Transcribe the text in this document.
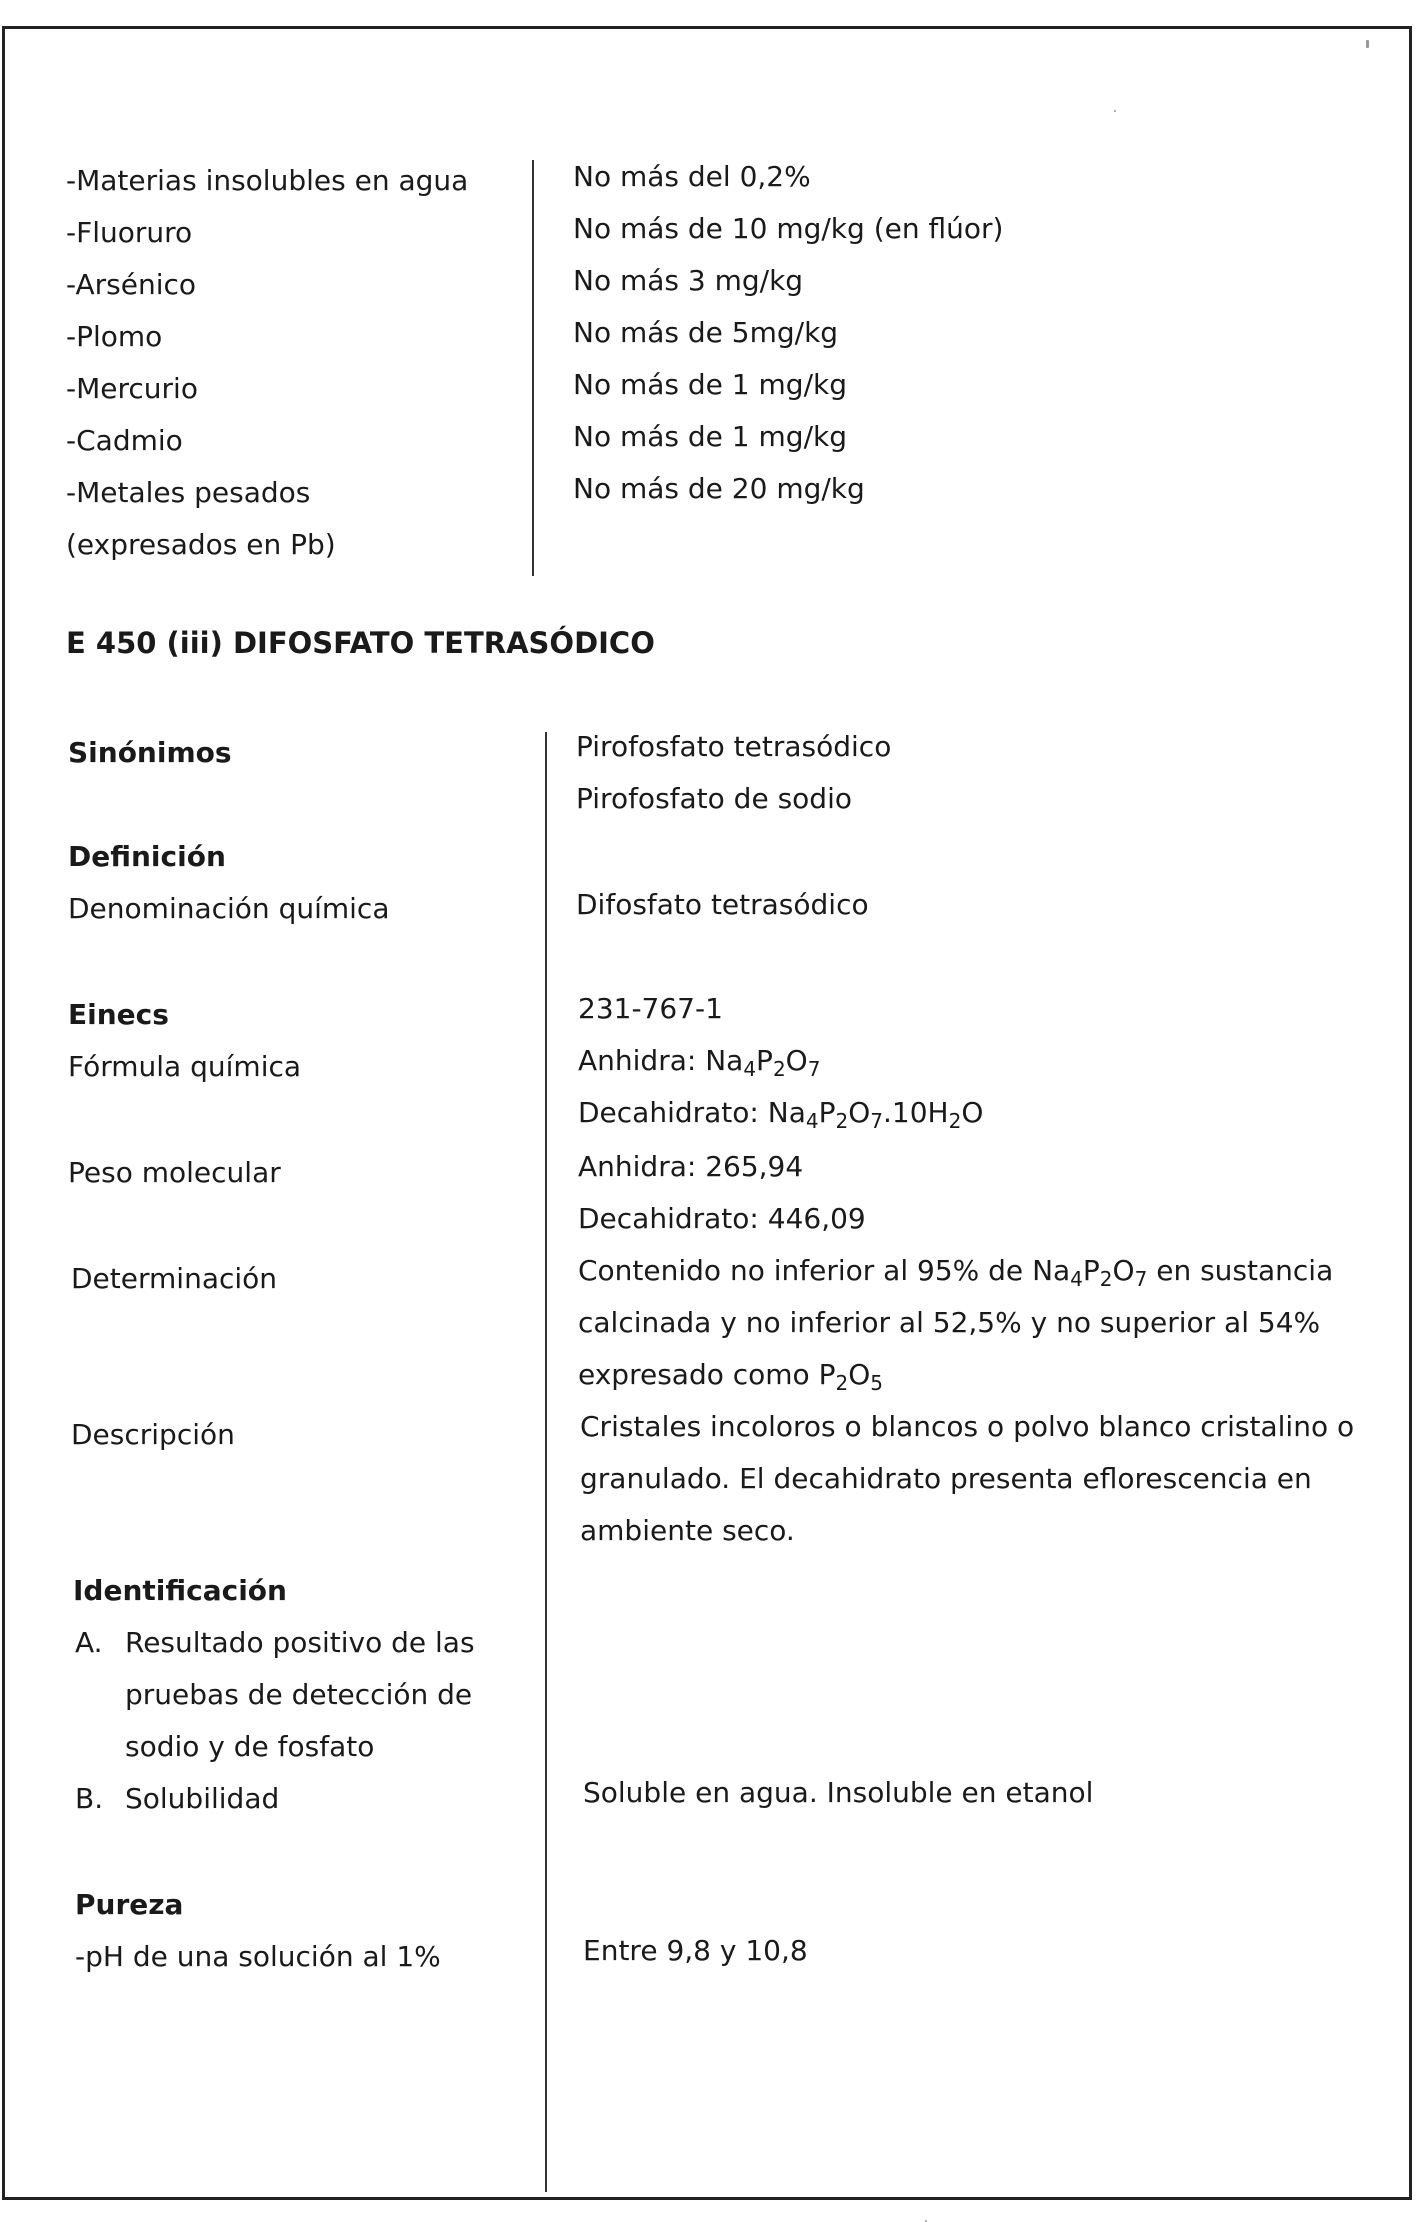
-Materias insolubles en agua
-Fluoruro
-Arsénico
-Plomo
-Mercurio
-Cadmio
-Metales pesados
(expresados en Pb)
No más del 0,2%
No más de 10 mg/kg (en flúor)
No más 3 mg/kg
No más de 5mg/kg
No más de 1 mg/kg
No más de 1 mg/kg
No más de 20 mg/kg
E 450 (iii) DIFOSFATO TETRASÓDICO
Sinónimos
Definición
Denominación química
Einecs
Fórmula química
Peso molecular
Determinación
Descripción
Identificación
A. Resultado positivo de las
pruebas de detección de
sodio y de fosfato
B. Solubilidad
Pureza
-pH de una solución al 1%
Pirofosfato tetrasódico
Pirofosfato de sodio
Difosfato tetrasódico
231-767-1
Anhidra: $Na_4P_2O_7$
Decahidrato: $Na_4P_2O_7.10H_2O$
Anhidra: 265,94
Decahidrato: 446,09
Contenido no inferior al 95% de $Na_4P_2O_7$ en sustancia
calcinada y no inferior al 52,5% y no superior al 54%
expresado como $P_2O_5$
Cristales incoloros o blancos o polvo blanco cristalino o
granulado. El decahidrato presenta eflorescencia en
ambiente seco.
Soluble en agua. Insoluble en etanol
Entre 9,8 y 10,8
